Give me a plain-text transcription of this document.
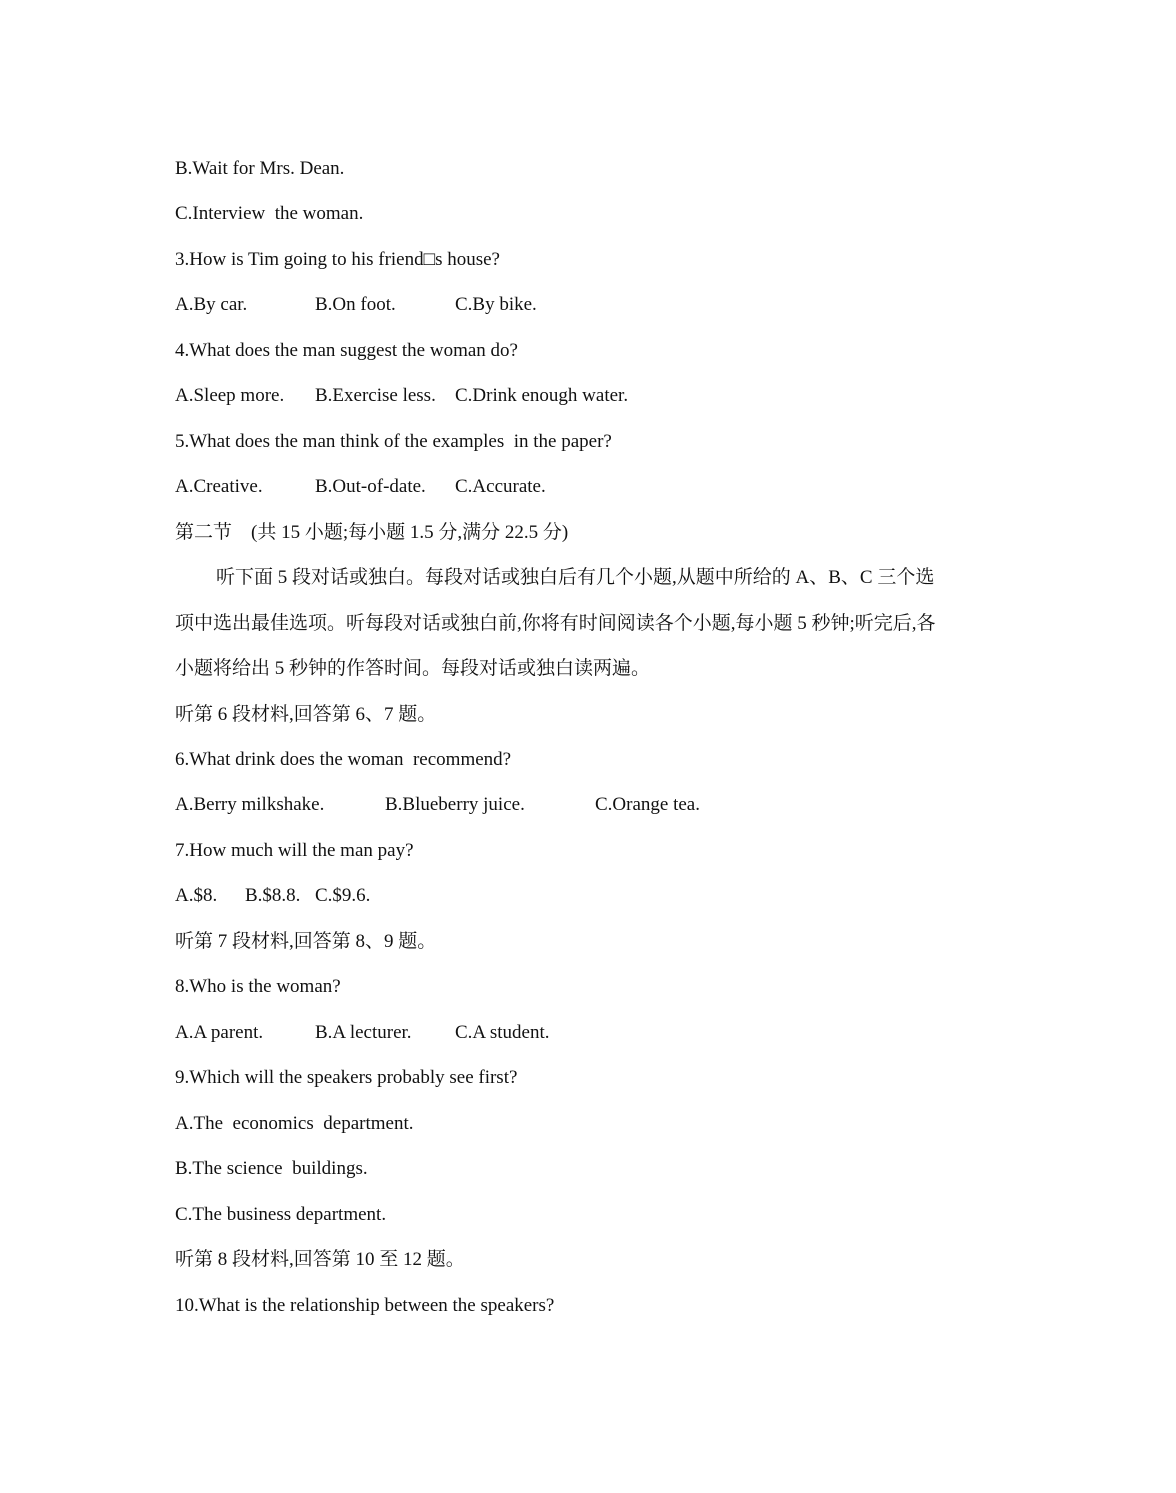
B.Wait for Mrs. Dean.
C.Interview  the woman.
3.How is Tim going to his friend□s house?
A.By car.	B.On foot.	C.By bike.
4.What does the man suggest the woman do?
A.Sleep more.	B.Exercise less.	C.Drink enough water.
5.What does the man think of the examples  in the paper?
A.Creative.	B.Out-of-date.	C.Accurate.
第二节　(共 15 小题;每小题 1.5 分,满分 22.5 分)
听下面 5 段对话或独白。每段对话或独白后有几个小题,从题中所给的 A、B、C 三个选
项中选出最佳选项。听每段对话或独白前,你将有时间阅读各个小题,每小题 5 秒钟;听完后,各
小题将给出 5 秒钟的作答时间。每段对话或独白读两遍。
听第 6 段材料,回答第 6、7 题。
6.What drink does the woman  recommend?
A.Berry milkshake.	B.Blueberry juice.	C.Orange tea.
7.How much will the man pay?
A.$8.	B.$8.8. C.$9.6.
听第 7 段材料,回答第 8、9 题。
8.Who is the woman?
A.A parent.	B.A lecturer.	C.A student.
9.Which will the speakers probably see first?
A.The  economics  department.
B.The science  buildings.
C.The business department.
听第 8 段材料,回答第 10 至 12 题。
10.What is the relationship between the speakers?
